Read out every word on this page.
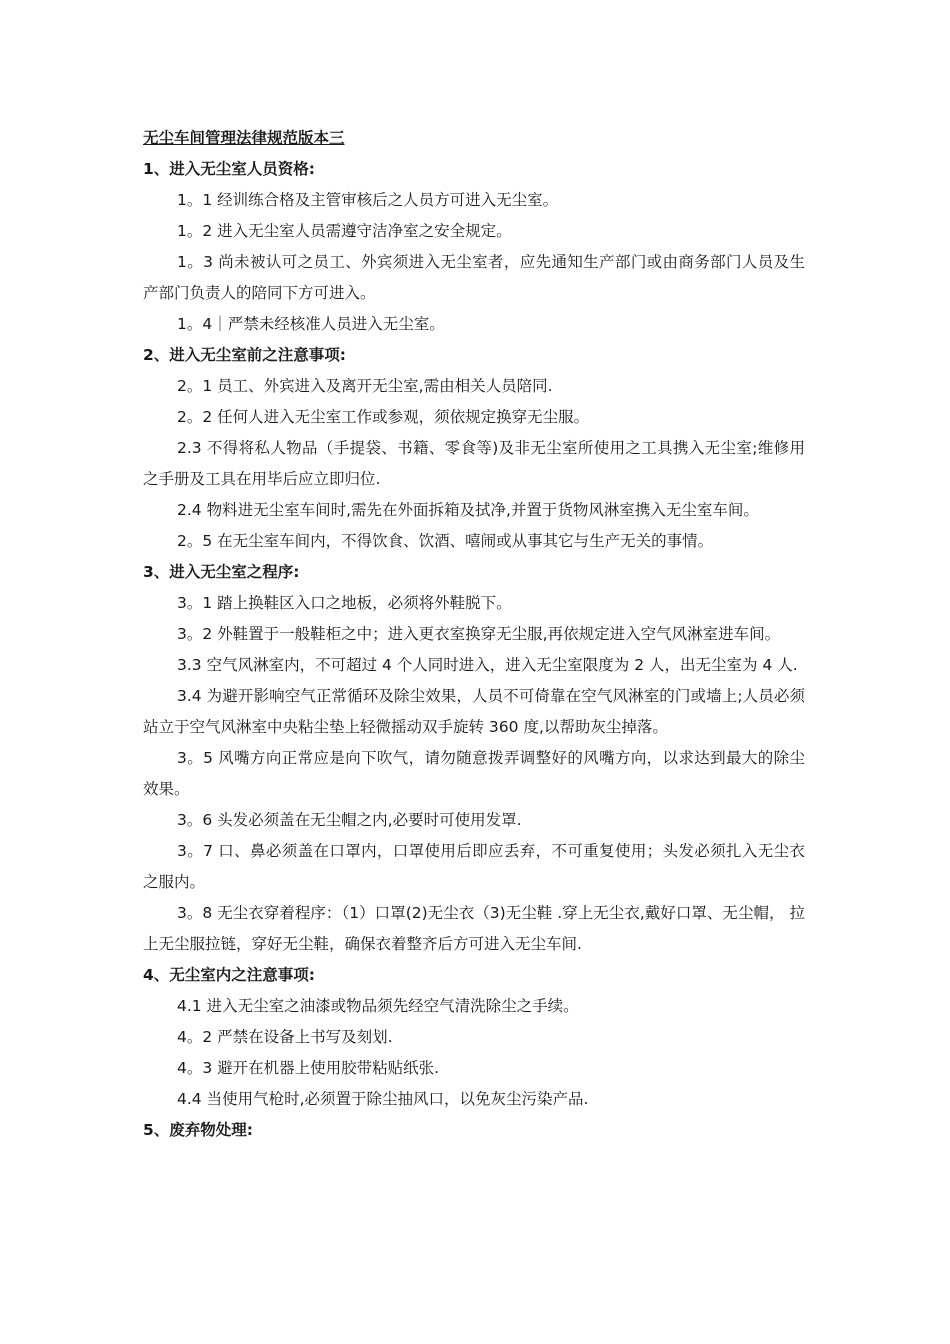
无尘车间管理法律规范版本三
1、进入无尘室人员资格:
1。1 经训练合格及主管审核后之人员方可进入无尘室。
1。2 进入无尘室人员需遵守洁净室之安全规定。
1。3 尚未被认可之员工、外宾须进入无尘室者，应先通知生产部门或由商务部门人员及生产部门负责人的陪同下方可进入。
1。4｜严禁未经核准人员进入无尘室。
2、进入无尘室前之注意事项:
2。1 员工、外宾进入及离开无尘室,需由相关人员陪同.
2。2 任何人进入无尘室工作或参观，须依规定换穿无尘服。
2.3 不得将私人物品（手提袋、书籍、零食等)及非无尘室所使用之工具携入无尘室;维修用之手册及工具在用毕后应立即归位.
2.4 物料进无尘室车间时,需先在外面拆箱及拭净,并置于货物风淋室携入无尘室车间。
2。5 在无尘室车间内，不得饮食、饮酒、嘻闹或从事其它与生产无关的事情。
3、进入无尘室之程序:
3。1 踏上换鞋区入口之地板，必须将外鞋脱下。
3。2 外鞋置于一般鞋柜之中；进入更衣室换穿无尘服,再依规定进入空气风淋室进车间。
3.3 空气风淋室内，不可超过 4 个人同时进入，进入无尘室限度为 2 人，出无尘室为 4 人.
3.4 为避开影响空气正常循环及除尘效果，人员不可倚靠在空气风淋室的门或墙上;人员必须站立于空气风淋室中央粘尘垫上轻微摇动双手旋转 360 度,以帮助灰尘掉落。
3。5 风嘴方向正常应是向下吹气，请勿随意拨弄调整好的风嘴方向，以求达到最大的除尘效果。
3。6 头发必须盖在无尘帽之内,必要时可使用发罩.
3。7 口、鼻必须盖在口罩内，口罩使用后即应丢弃，不可重复使用；头发必须扎入无尘衣之服内。
3。8 无尘衣穿着程序：（1）口罩(2)无尘衣（3)无尘鞋 .穿上无尘衣,戴好口罩、无尘帽， 拉上无尘服拉链，穿好无尘鞋，确保衣着整齐后方可进入无尘车间.
4、无尘室内之注意事项:
4.1 进入无尘室之油漆或物品须先经空气清洗除尘之手续。
4。2 严禁在设备上书写及刻划.
4。3 避开在机器上使用胶带粘贴纸张.
4.4 当使用气枪时,必须置于除尘抽风口，以免灰尘污染产品.
5、废弃物处理:
